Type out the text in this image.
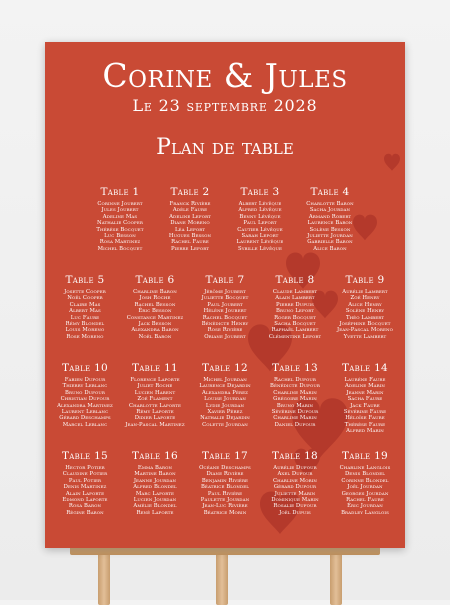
Corine & Jules
Le 23 septembre 2028
Plan de table
Table 1
Corinne Joubert
Jules Joubert
Adeline Mas
Nathalie Cooper
Thérèse Bocquet
Luc Besson
Rosa Martinez
Michel Bocquet
Table 2
Franck Rivière
Adèle Faure
Adeline Lefort
Diane Moreno
Léa Lefort
Hugues Besson
Rachel Faure
Pierre Lefort
Table 3
Albert Lévêque
Alfred Lévêque
Benny Lévêque
Paul Lefort
Cautier Lévêque
Sarah Lefort
Laurent Lévêque
Sybille Lévêque
Table 4
Charlotte Baron
Sacha Jourdan
Armand Robert
Laurence Baron
Solène Besson
Juliette Jourdan
Gabrielle Baron
Alice Baron
Table 5
Josette Cooper
Noël Cooper
Claire Mas
Albert Mas
Luc Faure
Rémy Blondel
Louis Moreno
Rose Moreno
Table 6
Charline Baron
Josh Roche
Rachel Besson
Éric Besson
Constance Martinez
Jack Besson
Alexandra Baron
Noël Baron
Table 7
Jérôme Joubert
Juliette Bocquet
Paul Joubert
Hélène Joubert
Rachel Bocquet
Bénédicte Henry
Rose Rivière
Oriane Joubert
Table 8
Claude Lambert
Alain Lambert
Pierre Dupuis
Bruno Lefort
Roger Bocquet
Sacha Bocquet
Raphaël Lambert
Clémentine Lefort
Table 9
Aurélie Lambert
Zoé Henry
Alice Henry
Solène Henry
Théo Lambert
Joséphine Bocquet
Jean-Pascal Moreno
Yvette Lambert
Table 10
Fabien Dufour
Thierry Leblanc
Bruno Dufour
Christian Dufour
Alexandra Martinez
Laurent Leblanc
Gérard Deschamps
Marcel Leblanc
Table 11
Florence Laporte
Juliet Roche
Lucien Harent
Zoé Flament
Charlotte Laporte
Rémy Laporte
Didier Laporte
Jean-Pascal Martinez
Table 12
Michel Jourdan
Laurence Dejardin
Alexandra Pérez
Louise Jourdan
Lydie Jourdan
Xavier Pérez
Nathalie Dejardin
Colette Jourdan
Table 13
Rachel Dufour
Bénédicte Dufour
Charline Marin
Grégoire Marin
Bruno Marin
Sévérine Dufour
Charline Marin
Daniel Dufour
Table 14
Lauréne Faure
Adeline Marin
Jeanne Marin
Sacha Faure
Jack Faure
Sévérine Faure
Héloïse Faure
Thérèse Faure
Alfred Marin
Table 15
Hector Potier
Claudine Potier
Paul Potier
Denis Martinez
Alain Laporte
Edmond Laporte
Rosa Baron
Régine Baron
Table 16
Emma Baron
Martine Baron
Jeanne Jourdan
Alfred Blondel
Marc Laporte
Lucien Jourdan
Amélie Blondel
René Laporte
Table 17
Océane Deschamps
Diane Rivière
Benjamin Rivière
Béatrice Blondel
Paul Rivière
Paulette Jourdan
Jean-Luc Rivière
Béatrice Morin
Table 18
Aurélie Dufour
Axel Dufour
Charline Morin
Gérard Dufour
Juliette Marin
Dominique Marin
Rosalie Dufour
Joël Dupuis
Table 19
Charline Langlois
Denis Blondel
Corinne Blondel
Joël Jourdan
Georges Jourdan
Rachel Faure
Éric Jourdan
Bradley Langlois
